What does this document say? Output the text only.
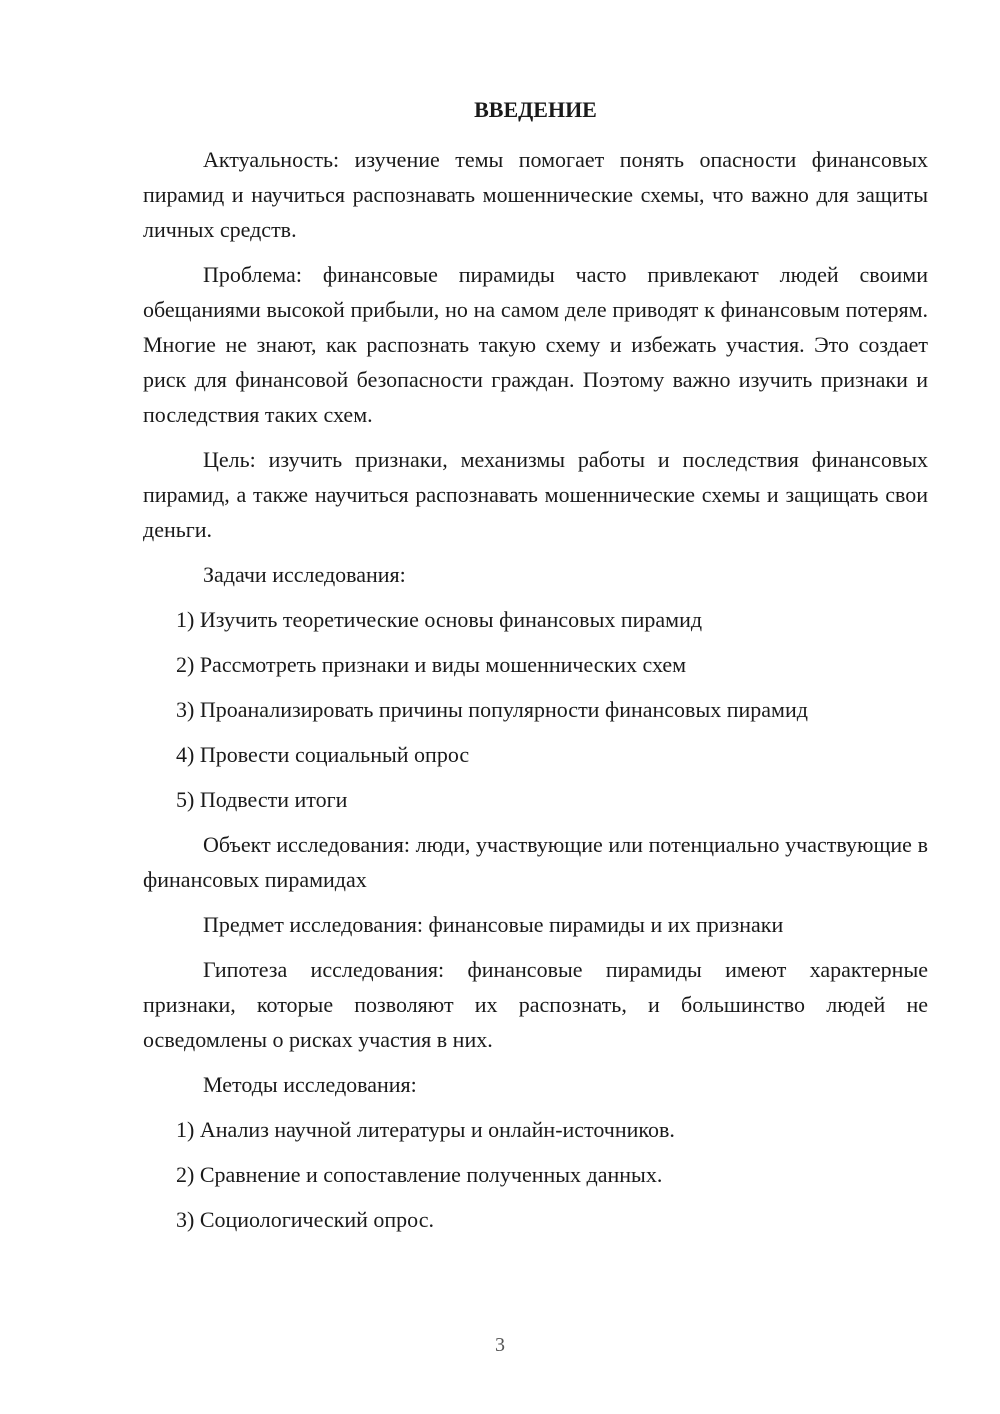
ВВЕДЕНИЕ

Актуальность: изучение темы помогает понять опасности финансовых пирамид и научиться распознавать мошеннические схемы, что важно для защиты личных средств.

Проблема: финансовые пирамиды часто привлекают людей своими обещаниями высокой прибыли, но на самом деле приводят к финансовым потерям. Многие не знают, как распознать такую схему и избежать участия. Это создает риск для финансовой безопасности граждан. Поэтому важно изучить признаки и последствия таких схем.

Цель: изучить признаки, механизмы работы и последствия финансовых пирамид, а также научиться распознавать мошеннические схемы и защищать свои деньги.

Задачи исследования:

1) Изучить теоретические основы финансовых пирамид

2) Рассмотреть признаки и виды мошеннических схем

3) Проанализировать причины популярности финансовых пирамид

4) Провести социальный опрос

5) Подвести итоги

Объект исследования: люди, участвующие или потенциально участвующие в финансовых пирамидах

Предмет исследования: финансовые пирамиды и их признаки

Гипотеза исследования: финансовые пирамиды имеют характерные признаки, которые позволяют их распознать, и большинство людей не осведомлены о рисках участия в них.

Методы исследования:

1) Анализ научной литературы и онлайн-источников.

2) Сравнение и сопоставление полученных данных.

3) Социологический опрос.

3
